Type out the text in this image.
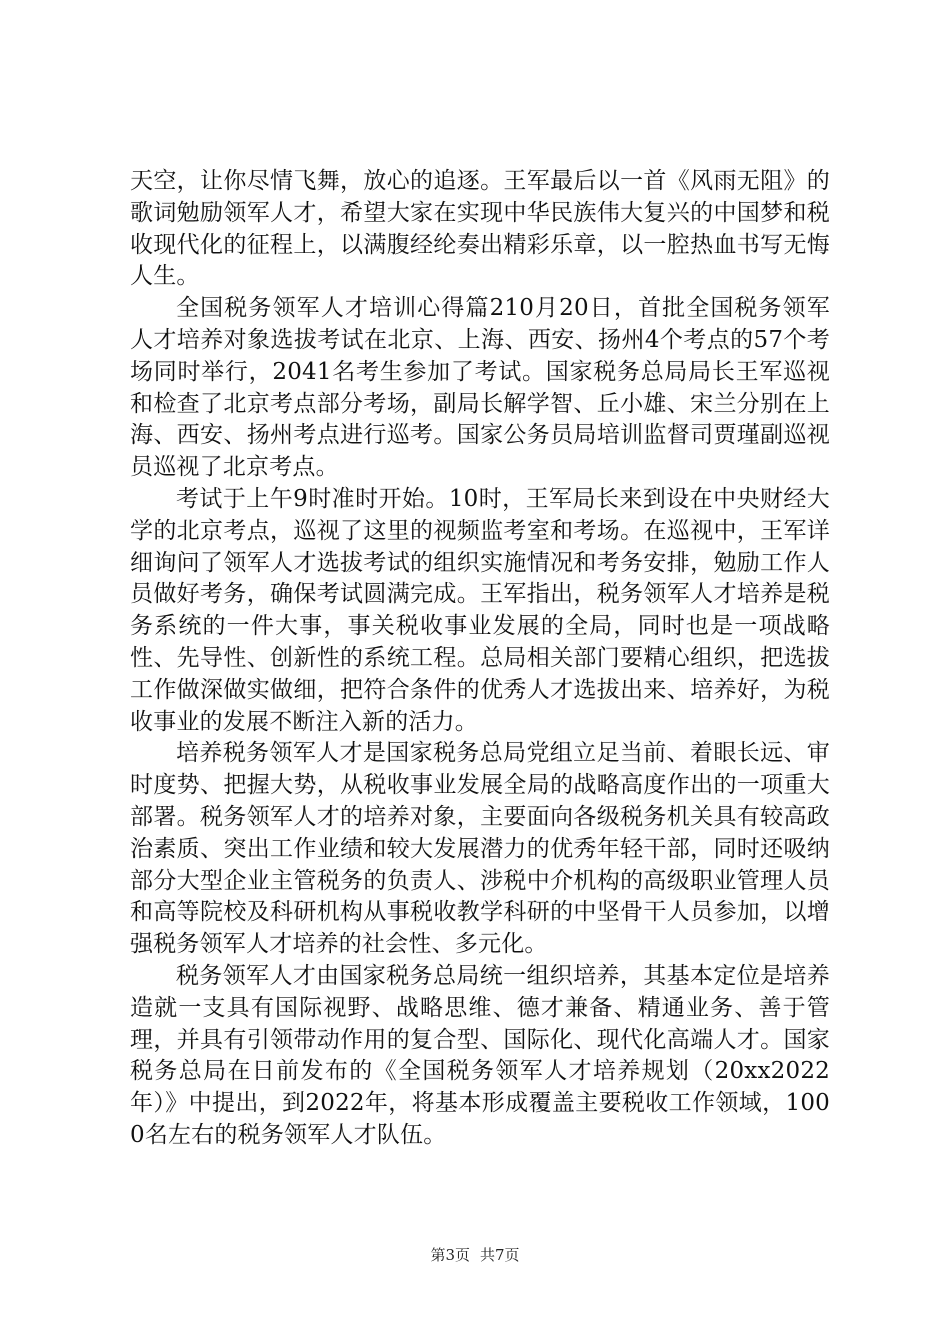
天空，让你尽情飞舞，放心的追逐。王军最后以一首《风雨无阻》的歌词勉励领军人才，希望大家在实现中华民族伟大复兴的中国梦和税收现代化的征程上，以满腹经纶奏出精彩乐章，以一腔热血书写无悔人生。

全国税务领军人才培训心得篇210月20日，首批全国税务领军人才培养对象选拔考试在北京、上海、西安、扬州4个考点的57个考场同时举行，2041名考生参加了考试。国家税务总局局长王军巡视和检查了北京考点部分考场，副局长解学智、丘小雄、宋兰分别在上海、西安、扬州考点进行巡考。国家公务员局培训监督司贾瑾副巡视员巡视了北京考点。

考试于上午9时准时开始。10时，王军局长来到设在中央财经大学的北京考点，巡视了这里的视频监考室和考场。在巡视中，王军详细询问了领军人才选拔考试的组织实施情况和考务安排，勉励工作人员做好考务，确保考试圆满完成。王军指出，税务领军人才培养是税务系统的一件大事，事关税收事业发展的全局，同时也是一项战略性、先导性、创新性的系统工程。总局相关部门要精心组织，把选拔工作做深做实做细，把符合条件的优秀人才选拔出来、培养好，为税收事业的发展不断注入新的活力。

培养税务领军人才是国家税务总局党组立足当前、着眼长远、审时度势、把握大势，从税收事业发展全局的战略高度作出的一项重大部署。税务领军人才的培养对象，主要面向各级税务机关具有较高政治素质、突出工作业绩和较大发展潜力的优秀年轻干部，同时还吸纳部分大型企业主管税务的负责人、涉税中介机构的高级职业管理人员和高等院校及科研机构从事税收教学科研的中坚骨干人员参加，以增强税务领军人才培养的社会性、多元化。

税务领军人才由国家税务总局统一组织培养，其基本定位是培养造就一支具有国际视野、战略思维、德才兼备、精通业务、善于管理，并具有引领带动作用的复合型、国际化、现代化高端人才。国家税务总局在日前发布的《全国税务领军人才培养规划（20xx2022年）》中提出，到2022年，将基本形成覆盖主要税收工作领域，1000名左右的税务领军人才队伍。

第3页 共7页
